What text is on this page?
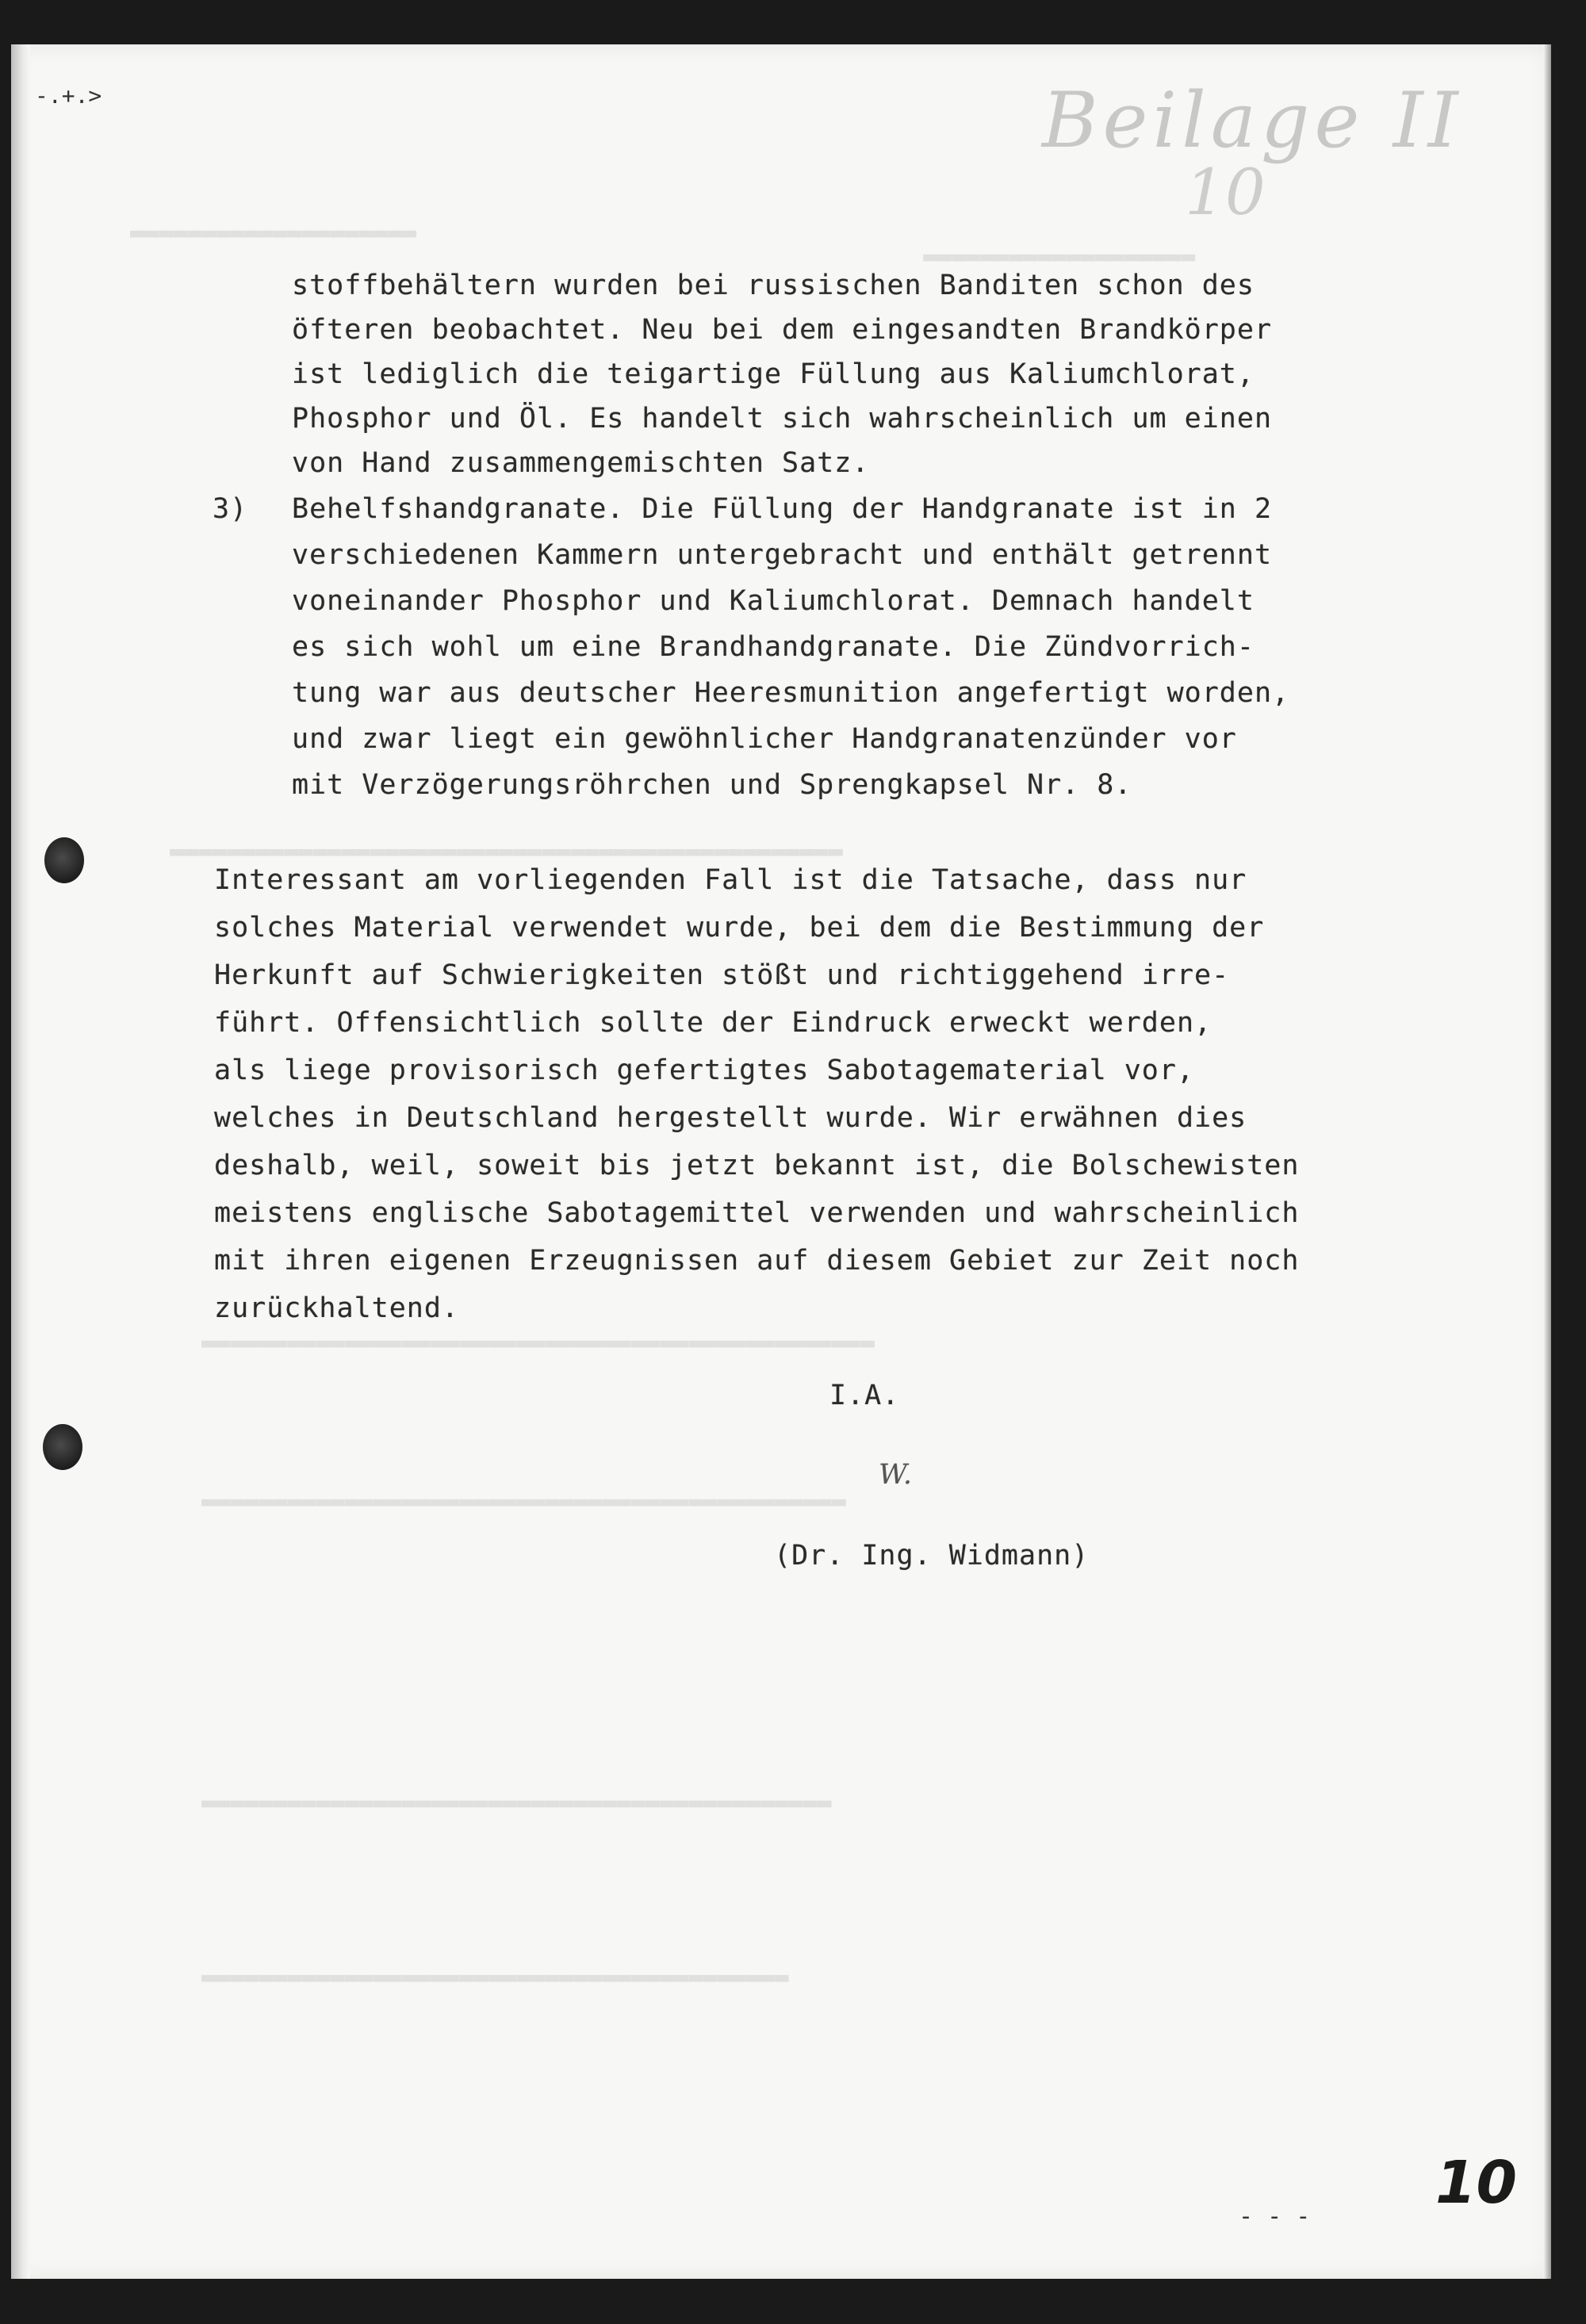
▬▬▬▬▬▬▬▬▬▬▬▬▬▬▬▬▬▬▬▬
▬▬▬▬▬▬▬▬▬▬▬▬▬▬▬▬▬▬▬
▬▬▬▬▬▬▬▬▬▬▬▬▬▬▬▬▬▬▬▬▬▬▬▬▬▬▬▬▬▬▬▬▬▬▬▬▬▬▬▬▬▬▬▬▬▬▬
▬▬▬▬▬▬▬▬▬▬▬▬▬▬▬▬▬▬▬▬▬▬▬▬▬▬▬▬▬▬▬▬▬▬▬▬▬▬▬▬▬▬▬▬▬▬▬
▬▬▬▬▬▬▬▬▬▬▬▬▬▬▬▬▬▬▬▬▬▬▬▬▬▬▬▬▬▬▬▬▬▬▬▬▬▬▬▬▬▬▬▬▬
▬▬▬▬▬▬▬▬▬▬▬▬▬▬▬▬▬▬▬▬▬▬▬▬▬▬▬▬▬▬▬▬▬▬▬▬▬▬▬▬▬▬▬▬
▬▬▬▬▬▬▬▬▬▬▬▬▬▬▬▬▬▬▬▬▬▬▬▬▬▬▬▬▬▬▬▬▬▬▬▬▬▬▬▬▬
Beilage II
10
-.+.>
stoffbehältern wurden bei russischen Banditen schon des
öfteren beobachtet. Neu bei dem eingesandten Brandkörper
ist lediglich die teigartige Füllung aus Kaliumchlorat,
Phosphor und Öl. Es handelt sich wahrscheinlich um einen
von Hand zusammengemischten Satz.
3) Behelfshandgranate. Die Füllung der Handgranate ist in 2
verschiedenen Kammern untergebracht und enthält getrennt
voneinander Phosphor und Kaliumchlorat. Demnach handelt
es sich wohl um eine Brandhandgranate. Die Zündvorrich-
tung war aus deutscher Heeresmunition angefertigt worden,
und zwar liegt ein gewöhnlicher Handgranatenzünder vor
mit Verzögerungsröhrchen und Sprengkapsel Nr. 8.
Interessant am vorliegenden Fall ist die Tatsache, dass nur
solches Material verwendet wurde, bei dem die Bestimmung der
Herkunft auf Schwierigkeiten stößt und richtiggehend irre-
führt. Offensichtlich sollte der Eindruck erweckt werden,
als liege provisorisch gefertigtes Sabotagematerial vor,
welches in Deutschland hergestellt wurde. Wir erwähnen dies
deshalb, weil, soweit bis jetzt bekannt ist, die Bolschewisten
meistens englische Sabotagemittel verwenden und wahrscheinlich
mit ihren eigenen Erzeugnissen auf diesem Gebiet zur Zeit noch
zurückhaltend.
I.A.
W.
(Dr. Ing. Widmann)
- - - 10
